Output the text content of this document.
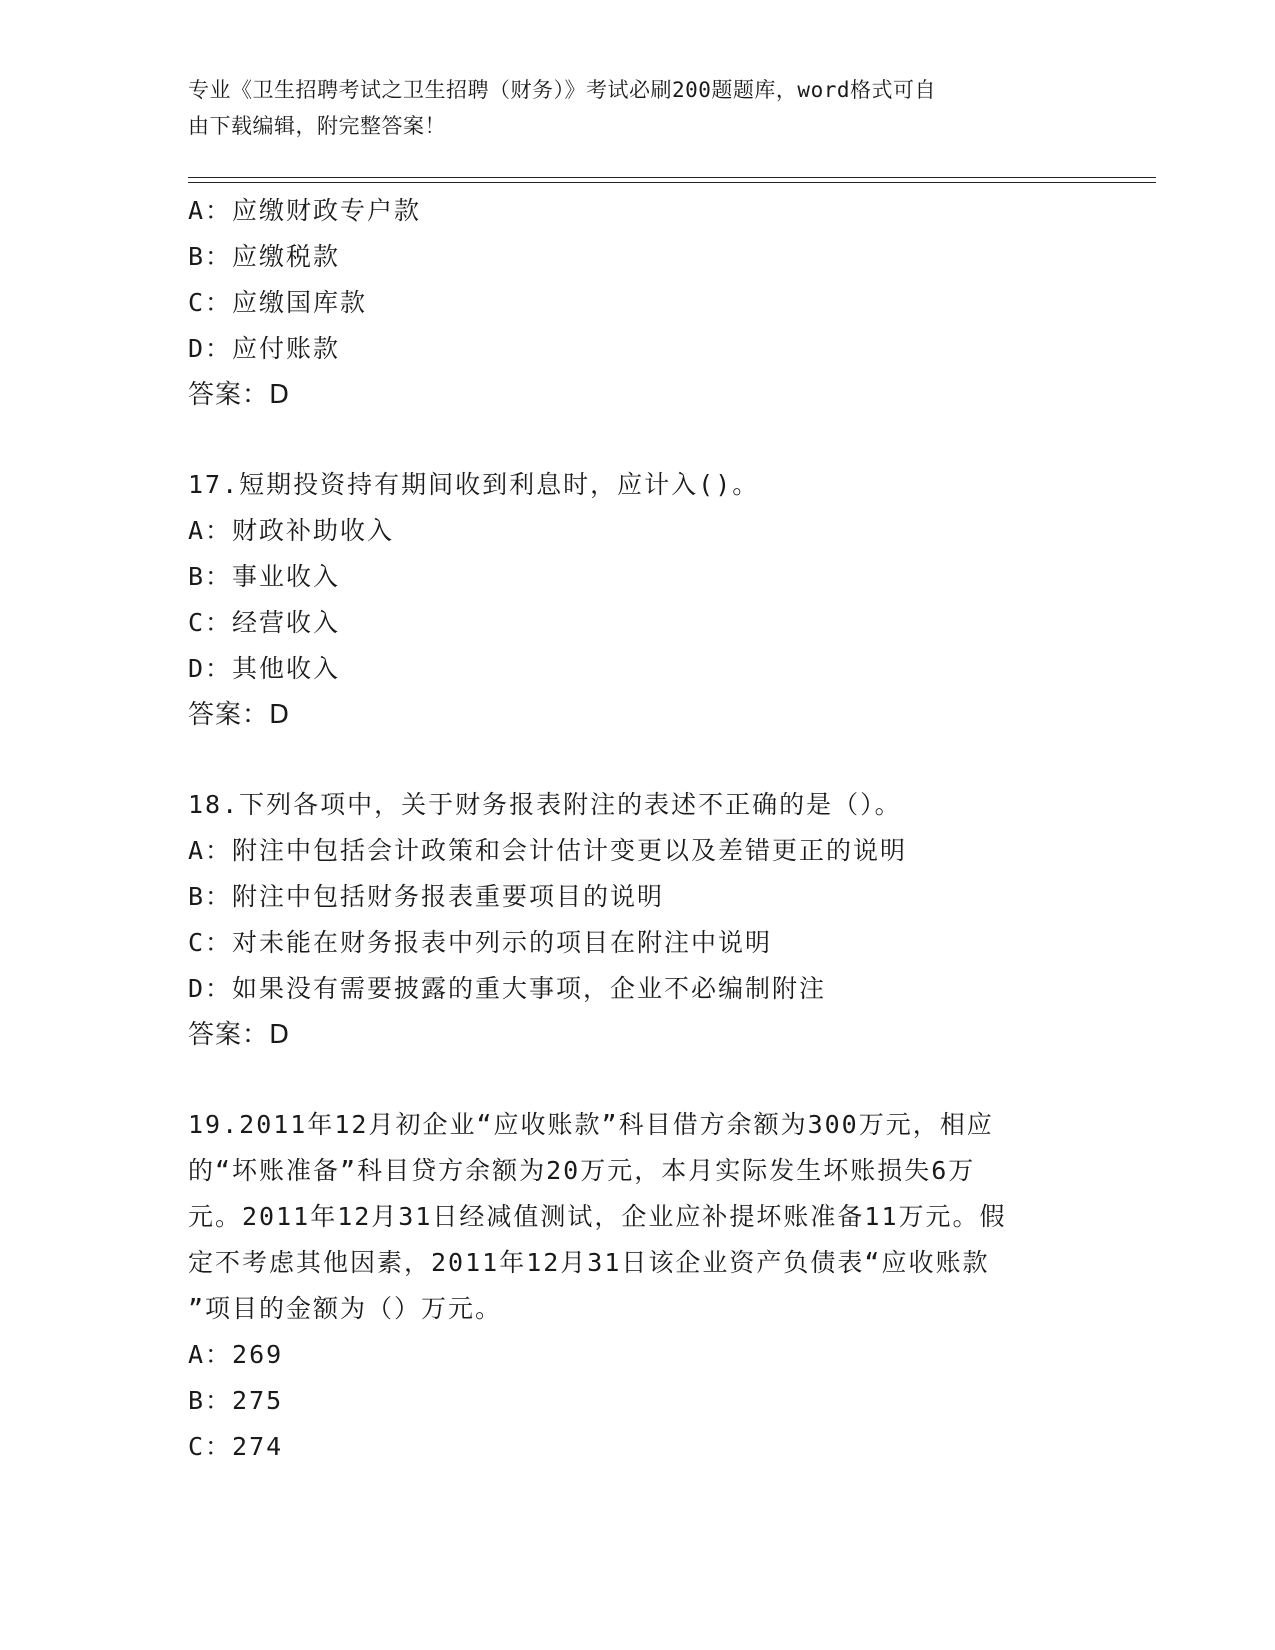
专业《卫生招聘考试之卫生招聘（财务）》考试必刷200题题库，word格式可自
由下载编辑，附完整答案！
A：应缴财政专户款
B：应缴税款
C：应缴国库款
D：应付账款
答案：D
17.短期投资持有期间收到利息时，应计入()。
A：财政补助收入
B：事业收入
C：经营收入
D：其他收入
答案：D
18.下列各项中，关于财务报表附注的表述不正确的是（）。
A：附注中包括会计政策和会计估计变更以及差错更正的说明
B：附注中包括财务报表重要项目的说明
C：对未能在财务报表中列示的项目在附注中说明
D：如果没有需要披露的重大事项，企业不必编制附注
答案：D
19.2011年12月初企业“应收账款”科目借方余额为300万元，相应
的“坏账准备”科目贷方余额为20万元，本月实际发生坏账损失6万
元。2011年12月31日经减值测试，企业应补提坏账准备11万元。假
定不考虑其他因素，2011年12月31日该企业资产负债表“应收账款
”项目的金额为（）万元。
A：269
B：275
C：274
